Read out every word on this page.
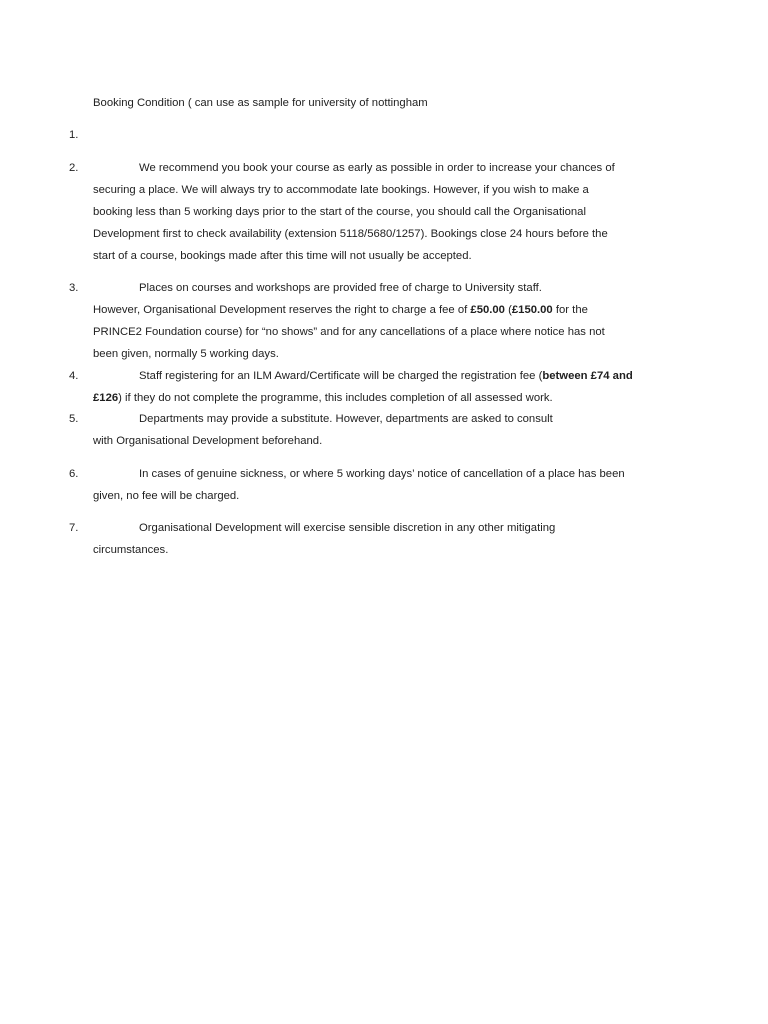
Booking Condition ( can use as sample for university of nottingham
1.
2.	We recommend you book your course as early as possible in order to increase your chances of
securing a place. We will always try to accommodate late bookings. However, if you wish to make a
booking less than 5 working days prior to the start of the course, you should call the Organisational
Development first to check availability (extension 5118/5680/1257). Bookings close 24 hours before the
start of a course, bookings made after this time will not usually be accepted.
3.	Places on courses and workshops are provided free of charge to University staff.
However, Organisational Development reserves the right to charge a fee of £50.00 (£150.00 for the
PRINCE2 Foundation course) for “no shows” and for any cancellations of a place where notice has not
been given, normally 5 working days.
4.	Staff registering for an ILM Award/Certificate will be charged the registration fee (between £74 and
£126) if they do not complete the programme, this includes completion of all assessed work.
5.	Departments may provide a substitute. However, departments are asked to consult
with Organisational Development beforehand.
6.	In cases of genuine sickness, or where 5 working days’ notice of cancellation of a place has been
given, no fee will be charged.
7.	Organisational Development will exercise sensible discretion in any other mitigating
circumstances.
